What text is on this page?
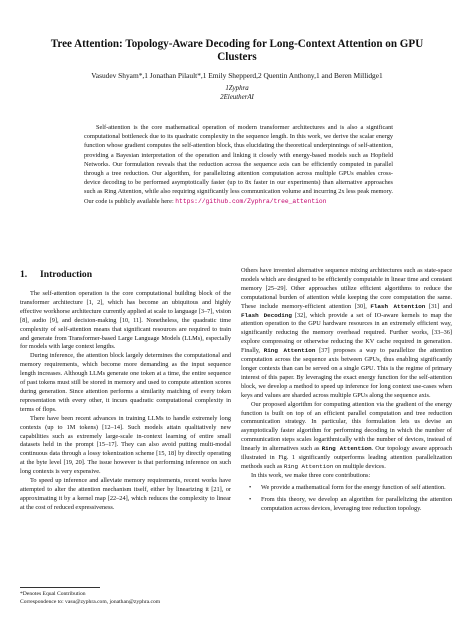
Tree Attention: Topology-Aware Decoding for Long-Context Attention on GPU Clusters
Vasudev Shyam*,1 Jonathan Pilault*,1 Emily Shepperd,2 Quentin Anthony,1 and Beren Millidge1
1Zyphra
2EleutherAI

Self-attention is the core mathematical operation of modern transformer architectures and is also a significant computational bottleneck due to its quadratic complexity in the sequence length. In this work, we derive the scalar energy function whose gradient computes the self-attention block, thus elucidating the theoretical underpinnings of self-attention, providing a Bayesian interpretation of the operation and linking it closely with energy-based models such as Hopfield Networks. Our formulation reveals that the reduction across the sequence axis can be efficiently computed in parallel through a tree reduction. Our algorithm, for parallelizing attention computation across multiple GPUs enables cross-device decoding to be performed asymptotically faster (up to 8x faster in our experiments) than alternative approaches such as Ring Attention, while also requiring significantly less communication volume and incurring 2x less peak memory. Our code is publicly available here: https://github.com/Zyphra/tree_attention

1. Introduction

The self-attention operation is the core computational building block of the transformer architecture [1, 2], which has become an ubiquitous and highly effective workhorse architecture currently applied at scale to language [3–7], vision [8], audio [9], and decision-making [10, 11]. Nonetheless, the quadratic time complexity of self-attention means that significant resources are required to train and generate from Transformer-based Large Language Models (LLMs), especially for models with large context lengths.

During inference, the attention block largely determines the computational and memory requirements, which become more demanding as the input sequence length increases. Although LLMs generate one token at a time, the entire sequence of past tokens must still be stored in memory and used to compute attention scores during generation. Since attention performs a similarity matching of every token representation with every other, it incurs quadratic computational complexity in terms of flops.

There have been recent advances in training LLMs to handle extremely long contexts (up to 1M tokens) [12–14]. Such models attain qualitatively new capabilities such as extremely large-scale in-context learning of entire small datasets held in the prompt [15–17]. They can also avoid putting multi-modal continuous data through a lossy tokenization scheme [15, 18] by directly operating at the byte level [19, 20]. The issue however is that performing inference on such long contexts is very expensive.

To speed up inference and alleviate memory requirements, recent works have attempted to alter the attention mechanism itself, either by linearizing it [21], or approximating it by a kernel map [22–24], which reduces the complexity to linear at the cost of reduced expressiveness.

*Denotes Equal Contribution
Correspondence to: vasu@zyphra.com, jonathan@zyphra.com

Others have invented alternative sequence mixing architectures such as state-space models which are designed to be efficiently computable in linear time and constant memory [25–29]. Other approaches utilize efficient algorithms to reduce the computational burden of attention while keeping the core computation the same. These include memory-efficient attention [30], Flash Attention [31] and Flash Decoding [32], which provide a set of IO-aware kernels to map the attention operation to the GPU hardware resources in an extremely efficient way, significantly reducing the memory overhead required. Further works, [33–36] explore compressing or otherwise reducing the KV cache required in generation. Finally, Ring Attention [37] proposes a way to parallelize the attention computation across the sequence axis between GPUs, thus enabling significantly longer contexts than can be served on a single GPU. This is the regime of primary interest of this paper. By leveraging the exact energy function for the self-attention block, we develop a method to speed up inference for long context use-cases when keys and values are sharded across multiple GPUs along the sequence axis.

Our proposed algorithm for computing attention via the gradient of the energy function is built on top of an efficient parallel computation and tree reduction communication strategy. In particular, this formulation lets us devise an asymptotically faster algorithm for performing decoding in which the number of communication steps scales logarithmically with the number of devices, instead of linearly in alternatives such as Ring Attention. Our topology aware approach illustrated in Fig. 1 significantly outperforms leading attention parallelization methods such as Ring Attention on multiple devices.

In this work, we make three core contributions:

• We provide a mathematical form for the energy function of self attention.
• From this theory, we develop an algorithm for parallelizing the attention computation across devices, leveraging tree reduction topology.
